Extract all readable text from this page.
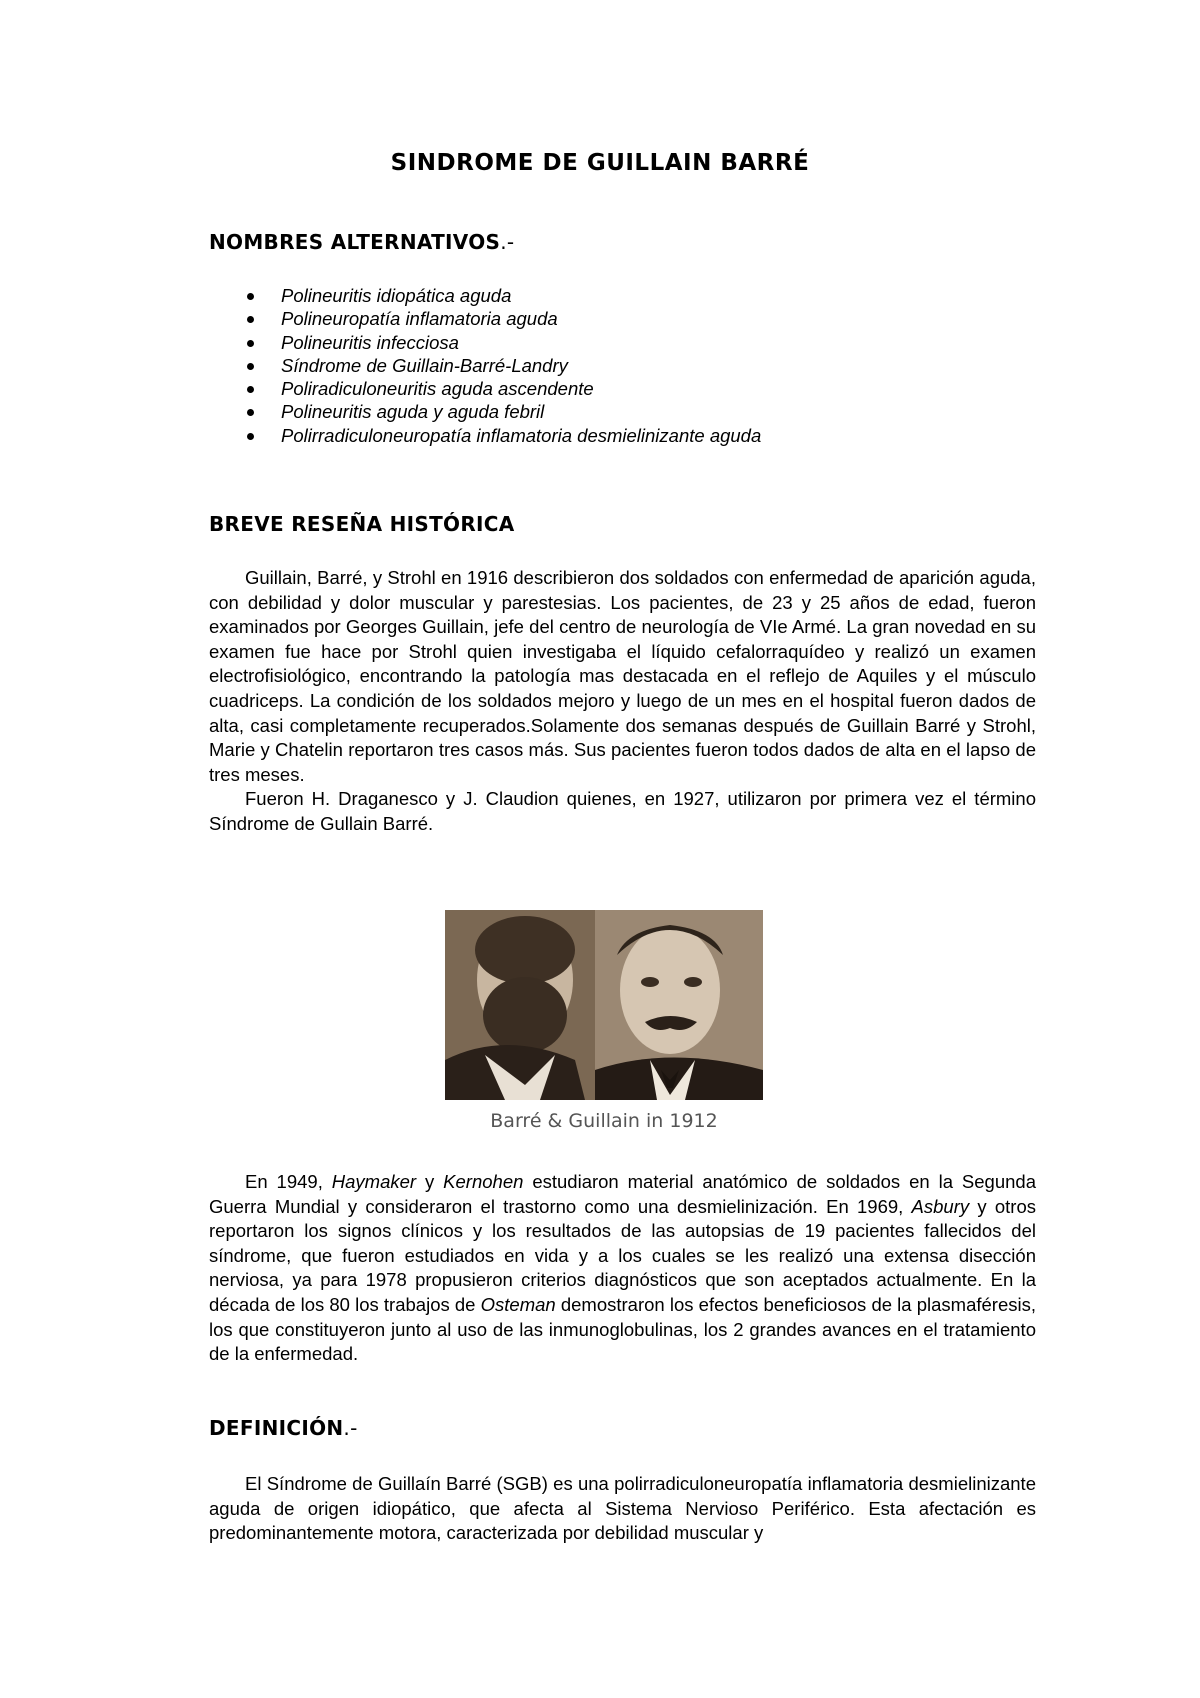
SINDROME DE GUILLAIN BARRÉ
NOMBRES ALTERNATIVOS.-
Polineuritis idiopática aguda
Polineuropatía inflamatoria aguda
Polineuritis infecciosa
Síndrome de Guillain-Barré-Landry
Poliradiculoneuritis aguda ascendente
Polineuritis aguda y aguda febril
Polirradiculoneuropatía inflamatoria desmielinizante aguda
BREVE RESEÑA HISTÓRICA

Guillain, Barré, y Strohl en 1916 describieron dos soldados con enfermedad de aparición aguda, con debilidad y dolor muscular y parestesias. Los pacientes, de 23 y 25 años de edad, fueron examinados por Georges Guillain, jefe del centro de neurología de VIe Armé. La gran novedad en su examen fue hace por Strohl quien investigaba el líquido cefalorraquídeo y realizó un examen electrofisiológico, encontrando la patología mas destacada en el reflejo de Aquiles y el músculo cuadriceps. La condición de los soldados mejoro y luego de un mes en el hospital fueron dados de alta, casi completamente recuperados.Solamente dos semanas después de Guillain Barré y Strohl, Marie y Chatelin reportaron tres casos más. Sus pacientes fueron todos dados de alta en el lapso de tres meses.

Fueron H. Draganesco y J. Claudion quienes, en 1927, utilizaron por primera vez el término Síndrome de Gullain Barré.

Barré & Guillain in 1912

En 1949, Haymaker y Kernohen estudiaron material anatómico de soldados en la Segunda Guerra Mundial y consideraron el trastorno como una desmielinización. En 1969, Asbury y otros reportaron los signos clínicos y los resultados de las autopsias de 19 pacientes fallecidos del síndrome, que fueron estudiados en vida y a los cuales se les realizó una extensa disección nerviosa, ya para 1978 propusieron criterios diagnósticos que son aceptados actualmente. En la década de los 80 los trabajos de Osteman demostraron los efectos beneficiosos de la plasmaféresis, los que constituyeron junto al uso de las inmunoglobulinas, los 2 grandes avances en el tratamiento de la enfermedad.

DEFINICIÓN.-

El Síndrome de Guillaín Barré (SGB) es una polirradiculoneuropatía inflamatoria desmielinizante aguda de origen idiopático, que afecta al Sistema Nervioso Periférico. Esta afectación es predominantemente motora, caracterizada por debilidad muscular y
